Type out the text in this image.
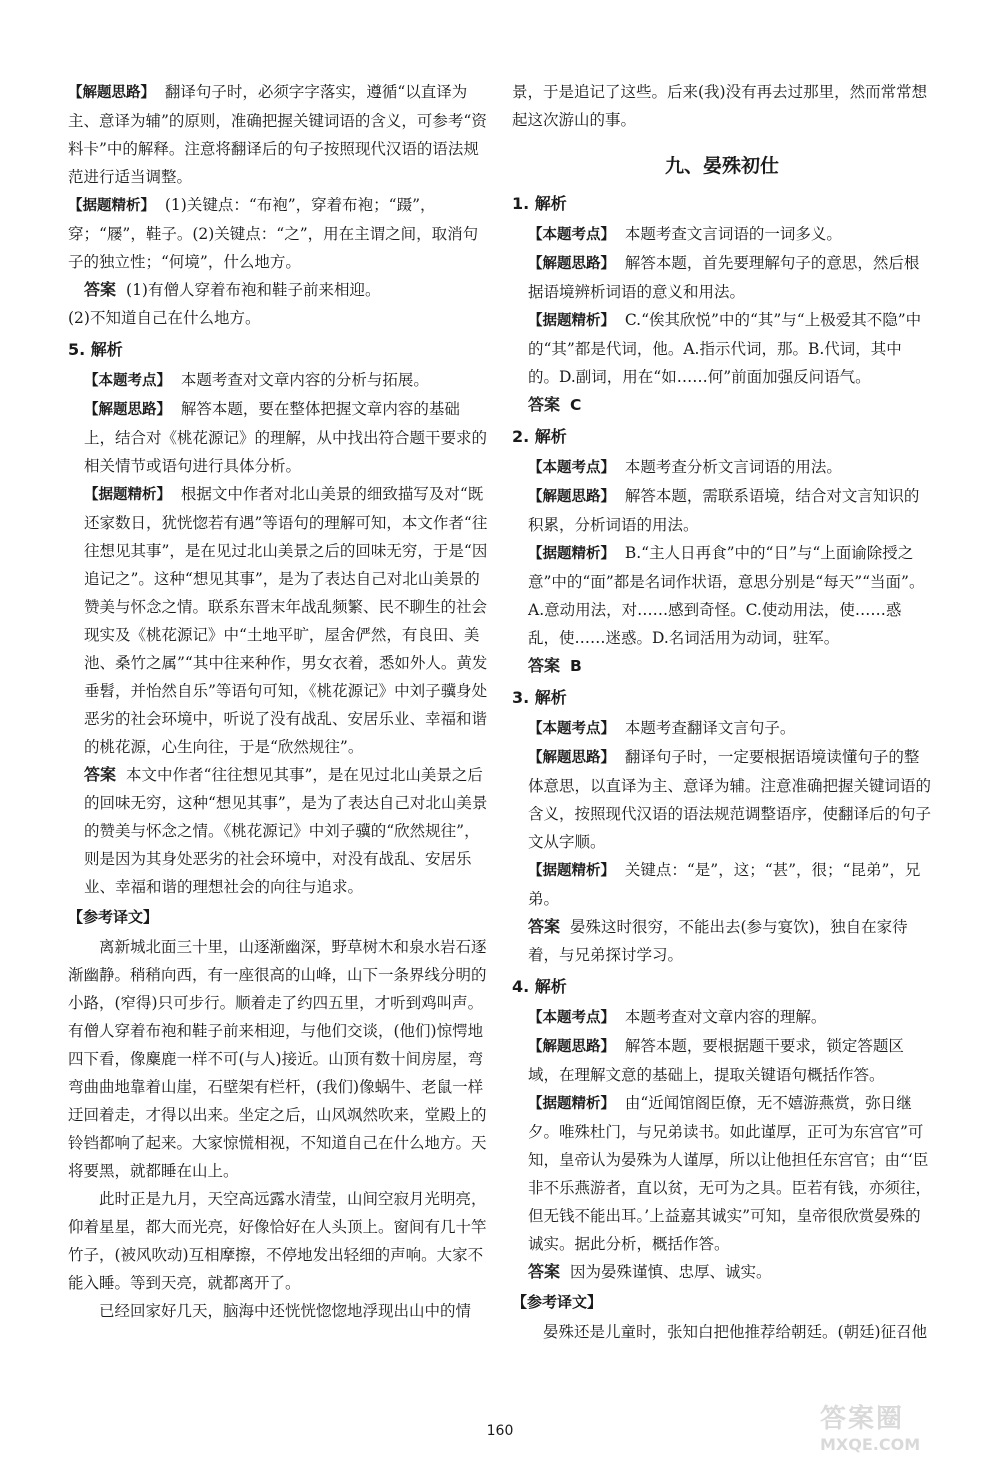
【解题思路】 翻译句子时，必须字字落实，遵循“以直译为主、意译为辅”的原则，准确把握关键词语的含义，可参考“资料卡”中的解释。注意将翻译后的句子按照现代汉语的语法规范进行适当调整。

【据题精析】 (1)关键点：“布袍”，穿着布袍；“蹑”，穿；“屦”，鞋子。(2)关键点：“之”，用在主谓之间，取消句子的独立性；“何境”，什么地方。

答案 (1)有僧人穿着布袍和鞋子前来相迎。

(2)不知道自己在什么地方。

5. 解析

【本题考点】 本题考查对文章内容的分析与拓展。

【解题思路】 解答本题，要在整体把握文章内容的基础上，结合对《桃花源记》的理解，从中找出符合题干要求的相关情节或语句进行具体分析。

【据题精析】 根据文中作者对北山美景的细致描写及对“既还家数日，犹恍惚若有遇”等语句的理解可知，本文作者“往往想见其事”，是在见过北山美景之后的回味无穷，于是“因追记之”。这种“想见其事”，是为了表达自己对北山美景的赞美与怀念之情。联系东晋末年战乱频繁、民不聊生的社会现实及《桃花源记》中“土地平旷，屋舍俨然，有良田、美池、桑竹之属”“其中往来种作，男女衣着，悉如外人。黄发垂髫，并怡然自乐”等语句可知，《桃花源记》中刘子骥身处恶劣的社会环境中，听说了没有战乱、安居乐业、幸福和谐的桃花源，心生向往，于是“欣然规往”。

答案 本文中作者“往往想见其事”，是在见过北山美景之后的回味无穷，这种“想见其事”，是为了表达自己对北山美景的赞美与怀念之情。《桃花源记》中刘子骥的“欣然规往”，则是因为其身处恶劣的社会环境中，对没有战乱、安居乐业、幸福和谐的理想社会的向往与追求。

【参考译文】

离新城北面三十里，山逐渐幽深，野草树木和泉水岩石逐渐幽静。稍稍向西，有一座很高的山峰，山下一条界线分明的小路，(窄得)只可步行。顺着走了约四五里，才听到鸡叫声。有僧人穿着布袍和鞋子前来相迎，与他们交谈，(他们)惊愕地四下看，像麋鹿一样不可(与人)接近。山顶有数十间房屋，弯弯曲曲地靠着山崖，石壁架有栏杆，(我们)像蜗牛、老鼠一样迂回着走，才得以出来。坐定之后，山风飒然吹来，堂殿上的铃铛都响了起来。大家惊慌相视，不知道自己在什么地方。天将要黑，就都睡在山上。

此时正是九月，天空高远露水清莹，山间空寂月光明亮，仰着星星，都大而光亮，好像恰好在人头顶上。窗间有几十竿竹子，(被风吹动)互相摩擦，不停地发出轻细的声响。大家不能入睡。等到天亮，就都离开了。

已经回家好几天，脑海中还恍恍惚惚地浮现出山中的情

景，于是追记了这些。后来(我)没有再去过那里，然而常常想起这次游山的事。

九、晏殊初仕

1. 解析

【本题考点】 本题考查文言词语的一词多义。

【解题思路】 解答本题，首先要理解句子的意思，然后根据语境辨析词语的意义和用法。

【据题精析】 C.“俟其欣悦”中的“其”与“上极爱其不隐”中的“其”都是代词，他。A.指示代词，那。B.代词，其中的。D.副词，用在“如……何”前面加强反问语气。

答案 C

2. 解析

【本题考点】 本题考查分析文言词语的用法。

【解题思路】 解答本题，需联系语境，结合对文言知识的积累，分析词语的用法。

【据题精析】 B.“主人日再食”中的“日”与“上面谕除授之意”中的“面”都是名词作状语，意思分别是“每天”“当面”。A.意动用法，对……感到奇怪。C.使动用法，使……惑乱，使……迷惑。D.名词活用为动词，驻军。

答案 B

3. 解析

【本题考点】 本题考查翻译文言句子。

【解题思路】 翻译句子时，一定要根据语境读懂句子的整体意思，以直译为主、意译为辅。注意准确把握关键词语的含义，按照现代汉语的语法规范调整语序，使翻译后的句子文从字顺。

【据题精析】 关键点：“是”，这；“甚”，很；“昆弟”，兄弟。

答案 晏殊这时很穷，不能出去(参与宴饮)，独自在家待着，与兄弟探讨学习。

4. 解析

【本题考点】 本题考查对文章内容的理解。

【解题思路】 解答本题，要根据题干要求，锁定答题区域，在理解文意的基础上，提取关键语句概括作答。

【据题精析】 由“近闻馆阁臣僚，无不嬉游燕赏，弥日继夕。唯殊杜门，与兄弟读书。如此谨厚，正可为东宫官”可知，皇帝认为晏殊为人谨厚，所以让他担任东宫官；由“‘臣非不乐燕游者，直以贫，无可为之具。臣若有钱，亦须往，但无钱不能出耳。’上益嘉其诚实”可知，皇帝很欣赏晏殊的诚实。据此分析，概括作答。

答案 因为晏殊谨慎、忠厚、诚实。

【参考译文】

晏殊还是儿童时，张知白把他推荐给朝廷。(朝廷)征召他

160	答案圈
MXQE.COM
